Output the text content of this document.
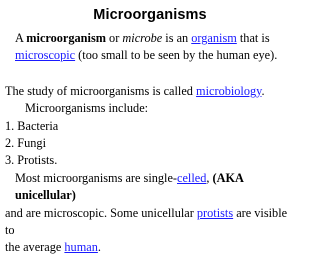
Microorganisms

A microorganism or microbe is an organism that is

microscopic (too small to be seen by the human eye).

The study of microorganisms is called microbiology.

Microorganisms include:

1. Bacteria

2. Fungi

3. Protists.

Most microorganisms are single-celled, (AKA unicellular)

and are microscopic. Some unicellular protists are visible to

the average human.
